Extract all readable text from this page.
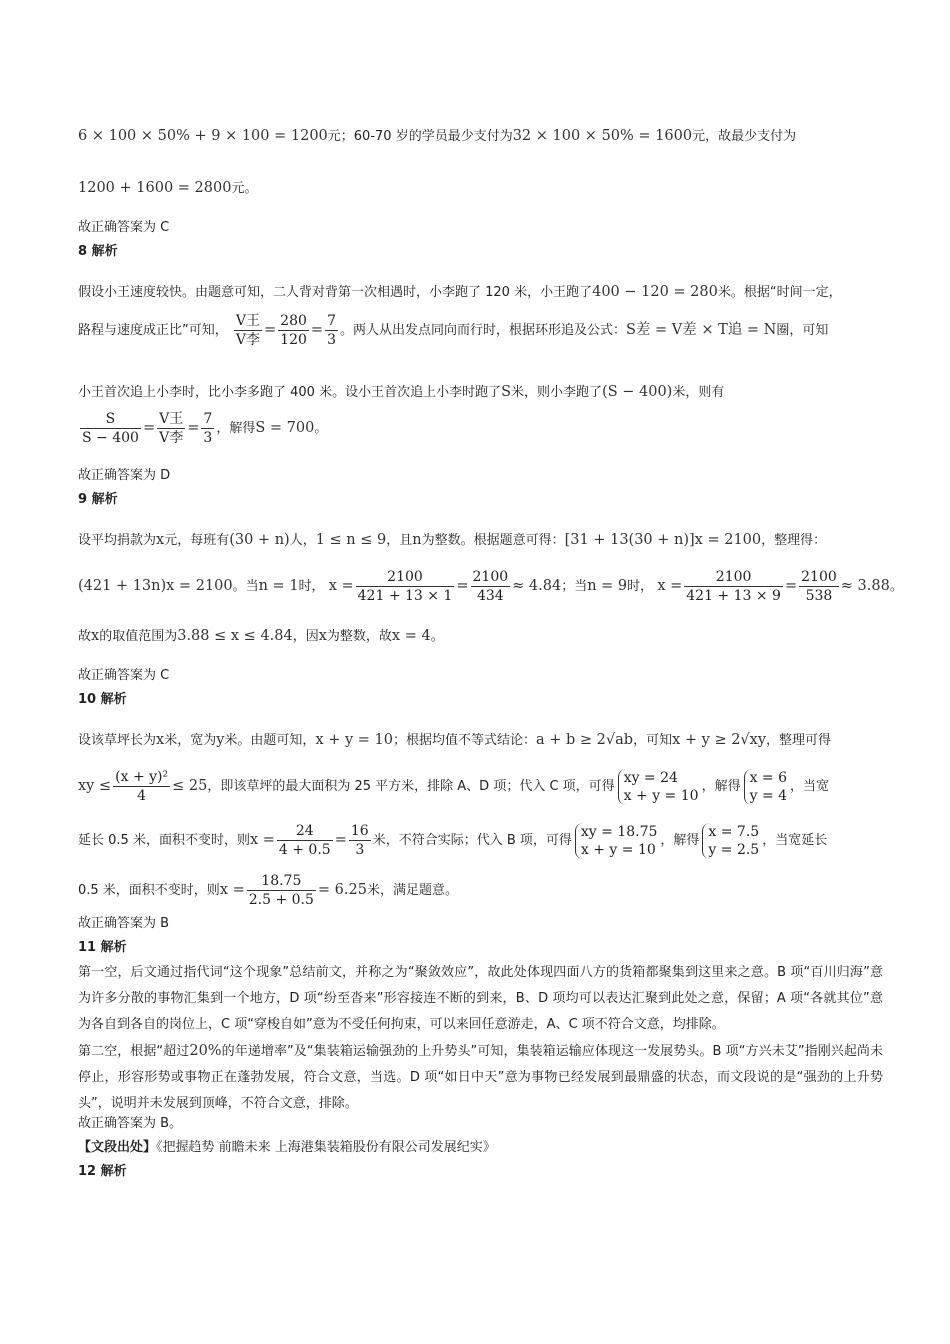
6 × 100 × 50% + 9 × 100 = 1200元；60-70 岁的学员最少支付为32 × 100 × 50% = 1600元，故最少支付为
1200 + 1600 = 2800元。
故正确答案为 C
8 解析
假设小王速度较快。由题意可知，二人背对背第一次相遇时，小李跑了 120 米，小王跑了400 − 120 = 280米。根据“时间一定，
路程与速度成正比”可知， $\frac{\text{V王}}{\text{V李}} = \frac{280}{120} = \frac{7}{3}$ 。两人从出发点同向而行时，根据环形追及公式：S差 = V差 × T追 = N圈，可知
小王首次追上小李时，比小李多跑了 400 米。设小王首次追上小李时跑了S米，则小李跑了(S − 400)米，则有
$\frac{S}{S - 400} = \frac{\text{V王}}{\text{V李}} = \frac{7}{3}$ ，解得S = 700。
故正确答案为 D
9 解析
设平均捐款为x元，每班有(30 + n)人，1 ≤ n ≤ 9，且n为整数。根据题意可得：[31 + 13(30 + n)]x = 2100，整理得：
(421 + 13n)x = 2100。当n = 1时， $x = \frac{2100}{421 + 13 \times 1} = \frac{2100}{434} \approx 4.84$；当n = 9时， $x = \frac{2100}{421 + 13 \times 9} = \frac{2100}{538} \approx 3.88$。
故x的取值范围为3.88 ≤ x ≤ 4.84，因x为整数，故x = 4。
故正确答案为 C
10 解析
设该草坪长为x米，宽为y米。由题可知，x + y = 10；根据均值不等式结论：a + b ≥ 2√ab，可知x + y ≥ 2√xy，整理可得
xy ≤ $\frac{\text{(x + y)²}}{4} \le 25$，即该草坪的最大面积为 25 平方米，排除 A、D 项；代入 C 项，可得
xy = 24
x + y = 10
，解得
x = 6
y = 4
，当宽
延长 0.5 米，面积不变时，则$x = \frac{24}{4 + 0.5} = \frac{16}{3}$ 米，不符合实际；代入 B 项，可得
xy = 18.75
x + y = 10
，解得
x = 7.5
y = 2.5
，当宽延长
0.5 米，面积不变时，则$x = \frac{18.75}{2.5 + 0.5} = 6.25$米，满足题意。
故正确答案为 B
11 解析
第一空，后文通过指代词“这个现象”总结前文，并称之为“聚敛效应”，故此处体现四面八方的货箱都聚集到这里来之意。B 项“百川归海”意为许多分散的事物汇集到一个地方，D 项“纷至沓来”形容接连不断的到来，B、D 项均可以表达汇聚到此处之意，保留；A 项“各就其位”意为各自到各自的岗位上，C 项“穿梭自如”意为不受任何拘束，可以来回任意游走，A、C 项不符合文意，均排除。
第二空，根据“超过20%的年递增率”及“集装箱运输强劲的上升势头”可知，集装箱运输应体现这一发展势头。B 项“方兴未艾”指刚兴起尚未停止，形容形势或事物正在蓬勃发展，符合文意，当选。D 项“如日中天”意为事物已经发展到最鼎盛的状态，而文段说的是“强劲的上升势头”，说明并未发展到顶峰，不符合文意，排除。
故正确答案为 B。
【文段出处】《把握趋势 前瞻未来 上海港集装箱股份有限公司发展纪实》
12 解析
